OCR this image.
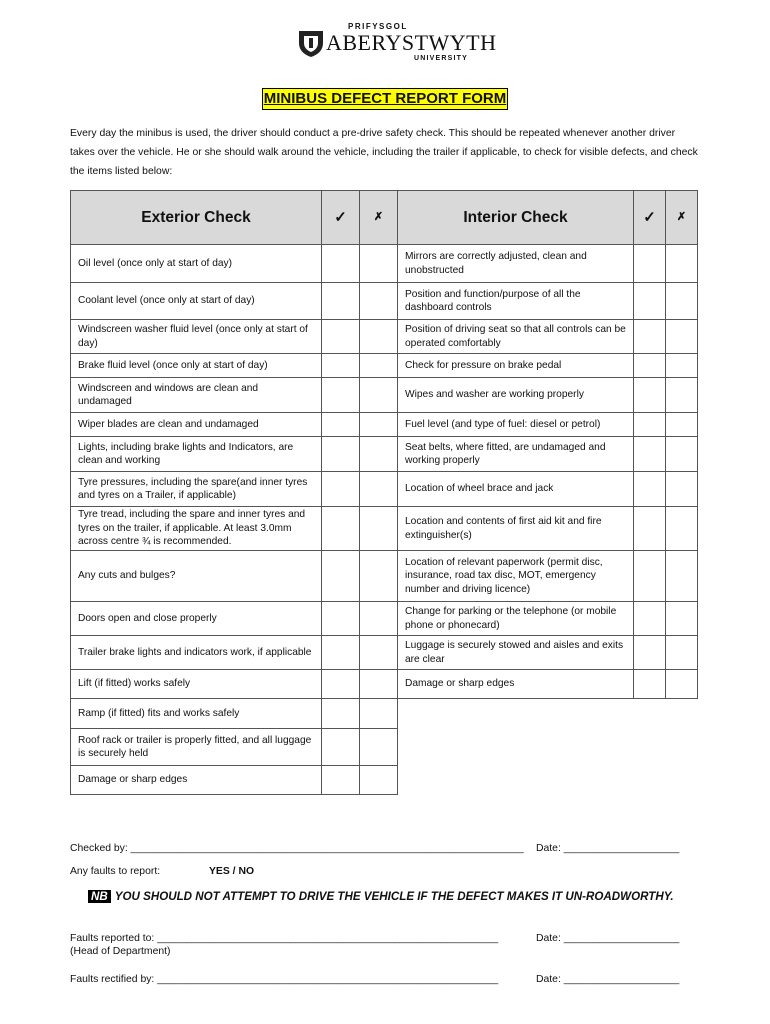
PRIFYSGOL
ABERYSTWYTH
UNIVERSITY
MINIBUS DEFECT REPORT FORM
Every day the minibus is used, the driver should conduct a pre-drive safety check. This should be repeated whenever another driver takes over the vehicle. He or she should walk around the vehicle, including the trailer if applicable, to check for visible defects, and check the items listed below:
Exterior Check	✓	✗	Interior Check	✓	✗
Oil level (once only at start of day)			Mirrors are correctly adjusted, clean and unobstructed		
Coolant level (once only at start of day)			Position and function/purpose of all the dashboard controls		
Windscreen washer fluid level (once only at start of day)			Position of driving seat so that all controls can be operated comfortably		
Brake fluid level (once only at start of day)			Check for pressure on brake pedal		
Windscreen and windows are clean and undamaged			Wipes and washer are working properly		
Wiper blades are clean and undamaged			Fuel level (and type of fuel: diesel or petrol)		
Lights, including brake lights and Indicators, are clean and working			Seat belts, where fitted, are undamaged and working properly		
Tyre pressures, including the spare(and inner tyres and tyres on a Trailer, if applicable)			Location of wheel brace and jack		
Tyre tread, including the spare and inner tyres and tyres on the trailer, if applicable. At least 3.0mm across centre ¾ is recommended.			Location and contents of first aid kit and fire extinguisher(s)		
Any cuts and bulges?			Location of relevant paperwork (permit disc, insurance, road tax disc, MOT, emergency number and driving licence)		
Doors open and close properly			Change for parking or the telephone (or mobile phone or phonecard)		
Trailer brake lights and indicators work, if applicable			Luggage is securely stowed and aisles and exits are clear		
Lift (if fitted) works safely			Damage or sharp edges		
Ramp (if fitted) fits and works safely					
Roof rack or trailer is properly fitted, and all luggage is securely held					
Damage or sharp edges					
Checked by: ____________________________________________________________________ Date: ____________________
Any faults to report:	YES / NO
NB YOU SHOULD NOT ATTEMPT TO DRIVE THE VEHICLE IF THE DEFECT MAKES IT UN-ROADWORTHY.
Faults reported to: ___________________________________________________________
(Head of Department)
Date: ____________________
Faults rectified by: ___________________________________________________________	Date: ____________________
